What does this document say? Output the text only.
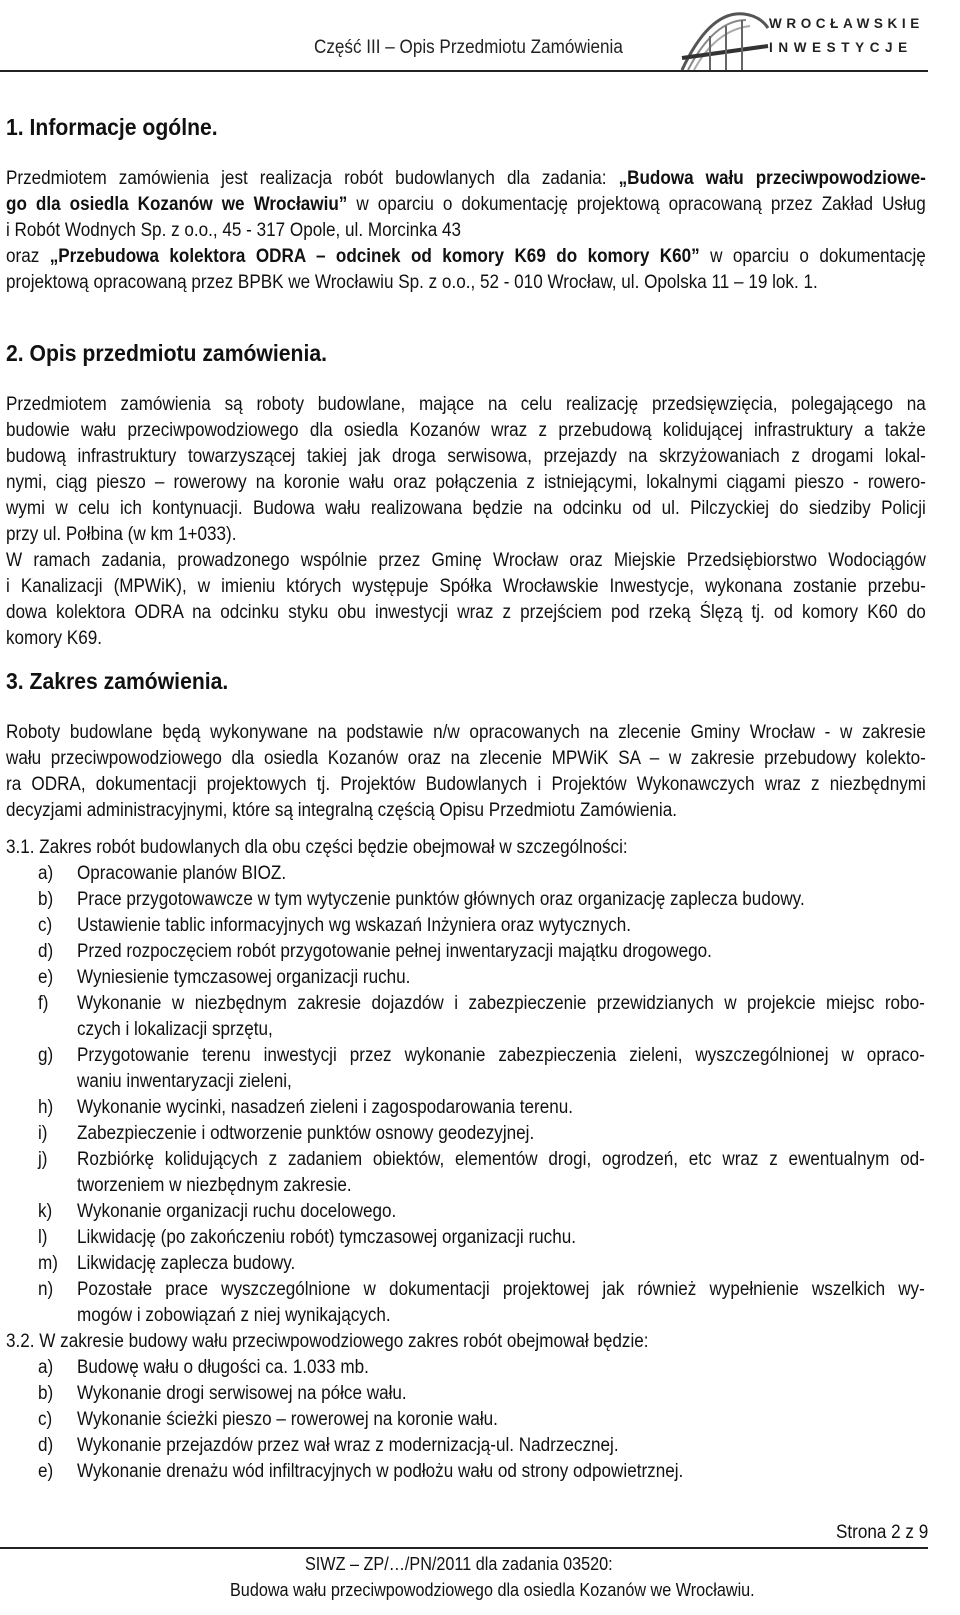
Część III – Opis Przedmiotu Zamówienia
WROCŁAWSKIE
INWESTYCJE
1. Informacje ogólne.
Przedmiotem zamówienia jest realizacja robót budowlanych dla zadania: „Budowa wału przeciwpowodziowe-
go dla osiedla Kozanów we Wrocławiu” w oparciu o dokumentację projektową opracowaną przez Zakład Usług
i Robót Wodnych Sp. z o.o., 45 - 317 Opole, ul. Morcinka 43
oraz „Przebudowa kolektora ODRA – odcinek od komory K69 do komory K60” w oparciu o dokumentację
projektową opracowaną przez BPBK we Wrocławiu Sp. z o.o., 52 - 010 Wrocław, ul. Opolska 11 – 19 lok. 1.
2. Opis przedmiotu zamówienia.
Przedmiotem zamówienia są roboty budowlane, mające na celu realizację przedsięwzięcia, polegającego na
budowie wału przeciwpowodziowego dla osiedla Kozanów wraz z przebudową kolidującej infrastruktury a także
budową infrastruktury towarzyszącej takiej jak droga serwisowa, przejazdy na skrzyżowaniach z drogami lokal-
nymi, ciąg pieszo – rowerowy na koronie wału oraz połączenia z istniejącymi, lokalnymi ciągami pieszo - rowero-
wymi w celu ich kontynuacji. Budowa wału realizowana będzie na odcinku od ul. Pilczyckiej do siedziby Policji
przy ul. Połbina (w km 1+033).
W ramach zadania, prowadzonego wspólnie przez Gminę Wrocław oraz Miejskie Przedsiębiorstwo Wodociągów
i Kanalizacji (MPWiK), w imieniu których występuje Spółka Wrocławskie Inwestycje, wykonana zostanie przebu-
dowa kolektora ODRA na odcinku styku obu inwestycji wraz z przejściem pod rzeką Ślęzą tj. od komory K60 do
komory K69.
3. Zakres zamówienia.
Roboty budowlane będą wykonywane na podstawie n/w opracowanych na zlecenie Gminy Wrocław - w zakresie
wału przeciwpowodziowego dla osiedla Kozanów oraz na zlecenie MPWiK SA – w zakresie przebudowy kolekto-
ra ODRA, dokumentacji projektowych tj. Projektów Budowlanych i Projektów Wykonawczych wraz z niezbędnymi
decyzjami administracyjnymi, które są integralną częścią Opisu Przedmiotu Zamówienia.
3.1. Zakres robót budowlanych dla obu części będzie obejmował w szczególności:
a) Opracowanie planów BIOZ.
b) Prace przygotowawcze w tym wytyczenie punktów głównych oraz organizację zaplecza budowy.
c) Ustawienie tablic informacyjnych wg wskazań Inżyniera oraz wytycznych.
d) Przed rozpoczęciem robót przygotowanie pełnej inwentaryzacji majątku drogowego.
e) Wyniesienie tymczasowej organizacji ruchu.
f) Wykonanie w niezbędnym zakresie dojazdów i zabezpieczenie przewidzianych w projekcie miejsc robo-
czych i lokalizacji sprzętu,
g) Przygotowanie terenu inwestycji przez wykonanie zabezpieczenia zieleni, wyszczególnionej w opraco-
waniu inwentaryzacji zieleni,
h) Wykonanie wycinki, nasadzeń zieleni i zagospodarowania terenu.
i) Zabezpieczenie i odtworzenie punktów osnowy geodezyjnej.
j) Rozbiórkę kolidujących z zadaniem obiektów, elementów drogi, ogrodzeń, etc wraz z ewentualnym od-
tworzeniem w niezbędnym zakresie.
k) Wykonanie organizacji ruchu docelowego.
l) Likwidację (po zakończeniu robót) tymczasowej organizacji ruchu.
m) Likwidację zaplecza budowy.
n) Pozostałe prace wyszczególnione w dokumentacji projektowej jak również wypełnienie wszelkich wy-
mogów i zobowiązań z niej wynikających.
3.2. W zakresie budowy wału przeciwpowodziowego zakres robót obejmował będzie:
a) Budowę wału o długości ca. 1.033 mb.
b) Wykonanie drogi serwisowej na półce wału.
c) Wykonanie ścieżki pieszo – rowerowej na koronie wału.
d) Wykonanie przejazdów przez wał wraz z modernizacją-ul. Nadrzecznej.
e) Wykonanie drenażu wód infiltracyjnych w podłożu wału od strony odpowietrznej.
Strona 2 z 9
SIWZ – ZP/…/PN/2011 dla zadania 03520:
Budowa wału przeciwpowodziowego dla osiedla Kozanów we Wrocławiu.
